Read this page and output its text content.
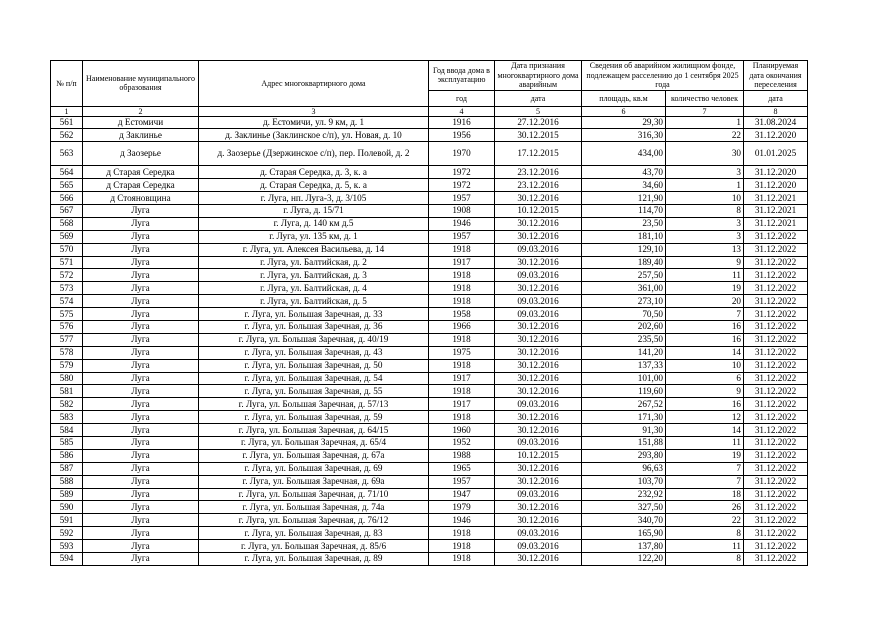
№ п/п	Наименование муниципального образования	Адрес многоквартирного дома	Год ввода дома в эксплуатацию	Дата признания многоквартирного дома аварийным	Сведения об аварийном жилищном фонде, подлежащем расселению до 1 сентября 2025 года		Планируемая дата окончания переселения
			год	дата	площадь, кв.м	количество человек	дата
1	2	3	4	5	6	7	8
561	д Естомичи	д. Естомичи, ул. 9 км, д. 1	1916	27.12.2016	29,30	1	31.08.2024
562	д Заклинье	д. Заклинье (Заклинское с/п), ул. Новая, д. 10	1956	30.12.2015	316,30	22	31.12.2020
563	д Заозерье	д. Заозерье (Дзержинское с/п), пер. Полевой, д. 2	1970	17.12.2015	434,00	30	01.01.2025
564	д Старая Середка	д. Старая Середка, д. 3, к. а	1972	23.12.2016	43,70	3	31.12.2020
565	д Старая Середка	д. Старая Середка, д. 5, к. а	1972	23.12.2016	34,60	1	31.12.2020
566	д Стояновщина	г. Луга, нп. Луга-3, д. 3/105	1957	30.12.2016	121,90	10	31.12.2021
567	Луга	г. Луга, д. 15/71	1908	10.12.2015	114,70	8	31.12.2021
568	Луга	г. Луга, д. 140 км д.5	1946	30.12.2016	23,50	3	31.12.2021
569	Луга	г. Луга, ул. 135 км, д. 1	1957	30.12.2016	181,10	3	31.12.2022
570	Луга	г. Луга, ул. Алексея Васильева, д. 14	1918	09.03.2016	129,10	13	31.12.2022
571	Луга	г. Луга, ул. Балтийская, д. 2	1917	30.12.2016	189,40	9	31.12.2022
572	Луга	г. Луга, ул. Балтийская, д. 3	1918	09.03.2016	257,50	11	31.12.2022
573	Луга	г. Луга, ул. Балтийская, д. 4	1918	30.12.2016	361,00	19	31.12.2022
574	Луга	г. Луга, ул. Балтийская, д. 5	1918	09.03.2016	273,10	20	31.12.2022
575	Луга	г. Луга, ул. Большая Заречная, д. 33	1958	09.03.2016	70,50	7	31.12.2022
576	Луга	г. Луга, ул. Большая Заречная, д. 36	1966	30.12.2016	202,60	16	31.12.2022
577	Луга	г. Луга, ул. Большая Заречная, д. 40/19	1918	30.12.2016	235,50	16	31.12.2022
578	Луга	г. Луга, ул. Большая Заречная, д. 43	1975	30.12.2016	141,20	14	31.12.2022
579	Луга	г. Луга, ул. Большая Заречная, д. 50	1918	30.12.2016	137,33	10	31.12.2022
580	Луга	г. Луга, ул. Большая Заречная, д. 54	1917	30.12.2016	101,00	6	31.12.2022
581	Луга	г. Луга, ул. Большая Заречная, д. 55	1918	30.12.2016	119,60	9	31.12.2022
582	Луга	г. Луга, ул. Большая Заречная, д. 57/13	1917	09.03.2016	267,52	16	31.12.2022
583	Луга	г. Луга, ул. Большая Заречная, д. 59	1918	30.12.2016	171,30	12	31.12.2022
584	Луга	г. Луга, ул. Большая Заречная, д. 64/15	1960	30.12.2016	91,30	14	31.12.2022
585	Луга	г. Луга, ул. Большая Заречная, д. 65/4	1952	09.03.2016	151,88	11	31.12.2022
586	Луга	г. Луга, ул. Большая Заречная, д. 67а	1988	10.12.2015	293,80	19	31.12.2022
587	Луга	г. Луга, ул. Большая Заречная, д. 69	1965	30.12.2016	96,63	7	31.12.2022
588	Луга	г. Луга, ул. Большая Заречная, д. 69а	1957	30.12.2016	103,70	7	31.12.2022
589	Луга	г. Луга, ул. Большая Заречная, д. 71/10	1947	09.03.2016	232,92	18	31.12.2022
590	Луга	г. Луга, ул. Большая Заречная, д. 74а	1979	30.12.2016	327,50	26	31.12.2022
591	Луга	г. Луга, ул. Большая Заречная, д. 76/12	1946	30.12.2016	340,70	22	31.12.2022
592	Луга	г. Луга, ул. Большая Заречная, д. 83	1918	09.03.2016	165,90	8	31.12.2022
593	Луга	г. Луга, ул. Большая Заречная, д. 85/6	1918	09.03.2016	137,80	11	31.12.2022
594	Луга	г. Луга, ул. Большая Заречная, д. 89	1918	30.12.2016	122,20	8	31.12.2022
